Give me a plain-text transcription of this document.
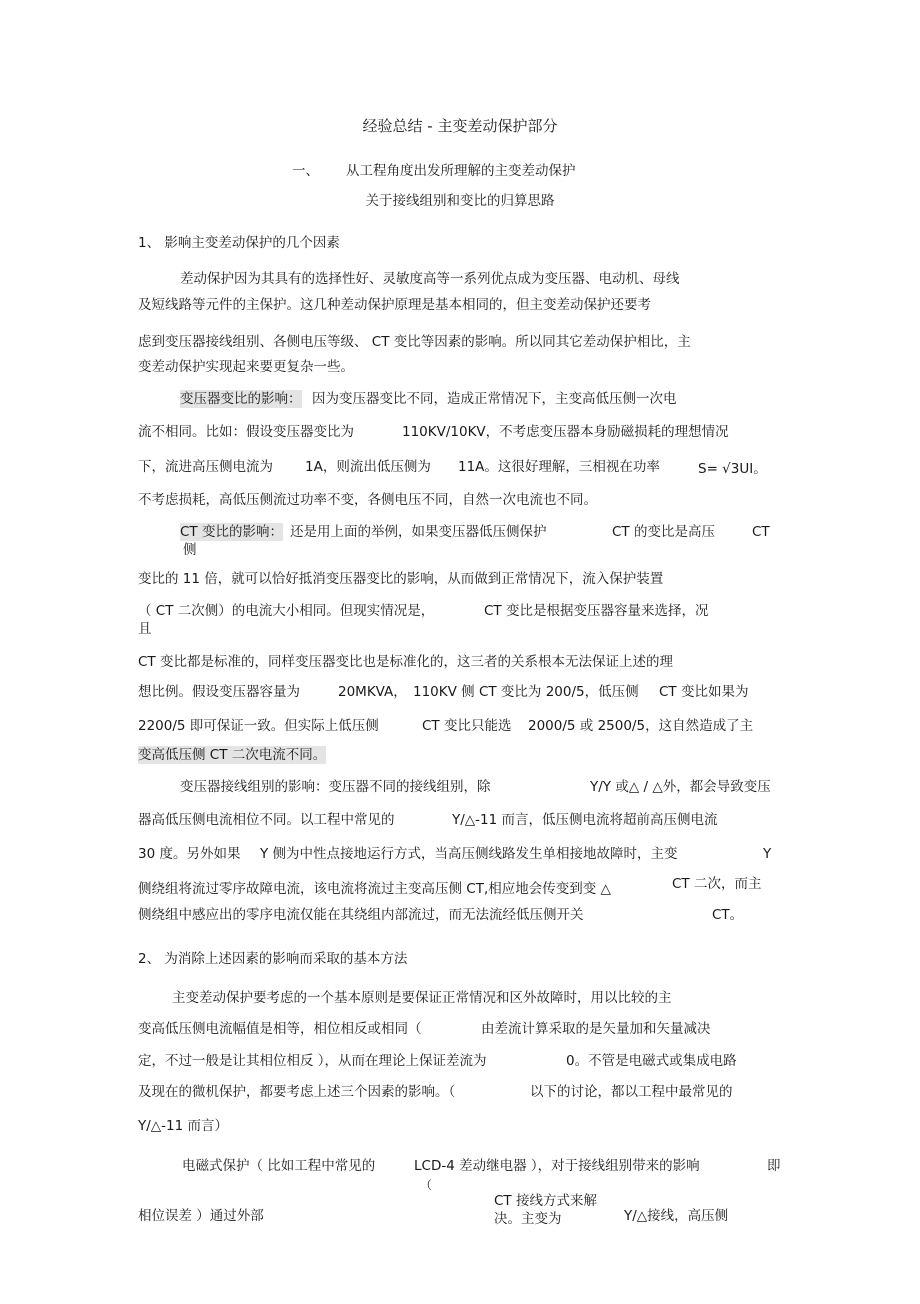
经验总结 - 主变差动保护部分
一、 从工程角度出发所理解的主变差动保护
关于接线组别和变比的归算思路
1、 影响主变差动保护的几个因素
差动保护因为其具有的选择性好、灵敏度高等一系列优点成为变压器、电动机、母线
及短线路等元件的主保护。这几种差动保护原理是基本相同的，但主变差动保护还要考
虑到变压器接线组别、各侧电压等级、 CT 变比等因素的影响。所以同其它差动保护相比，主
变差动保护实现起来要更复杂一些。
变压器变比的影响： 因为变压器变比不同，造成正常情况下，主变高低压侧一次电
流不相同。比如：假设变压器变比为	110KV/10KV，不考虑变压器本身励磁损耗的理想情况
下，流进高压侧电流为 1A，则流出低压侧为 11A。这很好理解，三相视在功率	S= √3UI。
不考虑损耗，高低压侧流过功率不变，各侧电压不同，自然一次电流也不同。
CT 变比的影响： 还是用上面的举例，如果变压器低压侧保护
侧
CT 的变比是高压	CT
变比的 11 倍，就可以恰好抵消变压器变比的影响，从而做到正常情况下，流入保护装置
（ CT 二次侧）的电流大小相同。但现实情况是，
且
CT 变比是根据变压器容量来选择，况
CT 变比都是标准的，同样变压器变比也是标准化的，这三者的关系根本无法保证上述的理
想比例。假设变压器容量为	20MKVA， 110KV 侧 CT 变比为 200/5，低压侧 CT 变比如果为
2200/5 即可保证一致。但实际上低压侧	CT 变比只能选 2000/5 或 2500/5，这自然造成了主
变高低压侧 CT 二次电流不同。
变压器接线组别的影响：变压器不同的接线组别，除	Y/Y 或△ / △外，都会导致变压
器高低压侧电流相位不同。以工程中常见的	Y/△-11 而言，低压侧电流将超前高压侧电流
30 度。另外如果 Y 侧为中性点接地运行方式，当高压侧线路发生单相接地故障时，主变	Y
侧绕组将流过零序故障电流，该电流将流过主变高压侧 CT,相应地会传变到变 △	CT 二次，而主
侧绕组中感应出的零序电流仅能在其绕组内部流过，而无法流经低压侧开关	CT。
2、 为消除上述因素的影响而采取的基本方法
主变差动保护要考虑的一个基本原则是要保证正常情况和区外故障时，用以比较的主
变高低压侧电流幅值是相等，相位相反或相同（	由差流计算采取的是矢量加和矢量减决
定，不过一般是让其相位相反 ），从而在理论上保证差流为	0。不管是电磁式或集成电路
及现在的微机保护，都要考虑上述三个因素的影响。（	以下的讨论，都以工程中最常见的
Y/△-11 而言）
电磁式保护（ 比如工程中常见的	LCD-4 差动继电器 ），对于接线组别带来的影响	即
（
相位误差 ）通过外部
CT 接线方式来解
决。主变为	Y/△接线，高压侧
